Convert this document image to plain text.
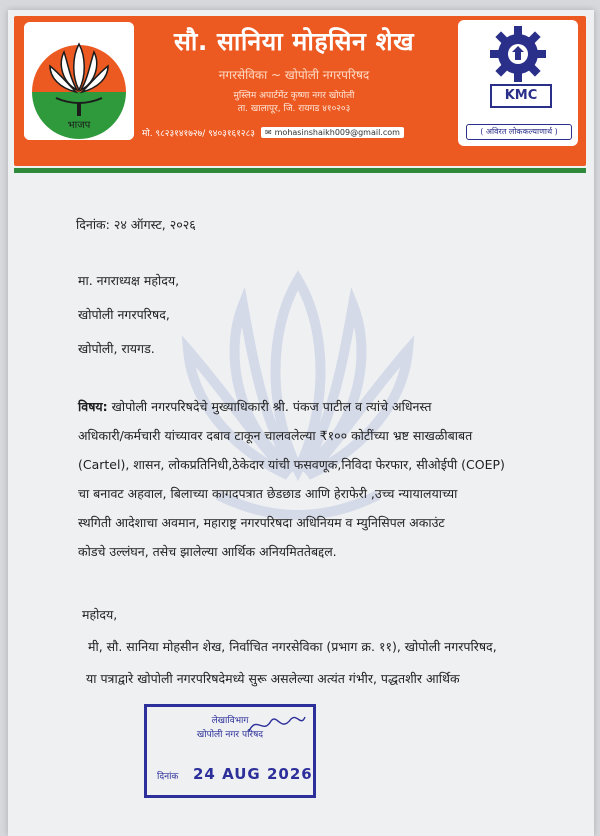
भाजप
सौ. सानिया मोहसिन शेख
नगरसेविका ~ खोपोली नगरपरिषद
मुस्लिम अपार्टमेंट कृष्णा नगर खोपोली
ता. खालापूर, जि. रायगड ४१०२०३
मो. ९८२३१४१७२७/ ९४०३१६१२८३ ✉ mohasinshaikh009@gmail.com
KMC
( अविरत लोककल्याणार्थ )
दिनांक: २४ ऑगस्ट, २०२६
मा. नगराध्यक्ष महोदय,
खोपोली नगरपरिषद,
खोपोली, रायगड.
विषय: खोपोली नगरपरिषदेचे मुख्याधिकारी श्री. पंकज पाटील व त्यांचे अधिनस्त
अधिकारी/कर्मचारी यांच्यावर दबाव टाकून चालवलेल्या ₹१०० कोटींच्या भ्रष्ट साखळीबाबत
(Cartel), शासन, लोकप्रतिनिधी,ठेकेदार यांची फसवणूक,निविदा फेरफार, सीओईपी (COEP)
चा बनावट अहवाल, बिलाच्या कागदपत्रात छेडछाड आणि हेराफेरी ,उच्च न्यायालयाच्या
स्थगिती आदेशाचा अवमान, महाराष्ट्र नगरपरिषदा अधिनियम व म्युनिसिपल अकाउंट
कोडचे उल्लंघन, तसेच झालेल्या आर्थिक अनियमिततेबद्दल.
महोदय,
मी, सौ. सानिया मोहसीन शेख, निर्वाचित नगरसेविका (प्रभाग क्र. ११), खोपोली नगरपरिषद,
या पत्राद्वारे खोपोली नगरपरिषदेमध्ये सुरू असलेल्या अत्यंत गंभीर, पद्धतशीर आर्थिक
लेखाविभाग
खोपोली नगर परिषद
दिनांक 24 AUG 2026
